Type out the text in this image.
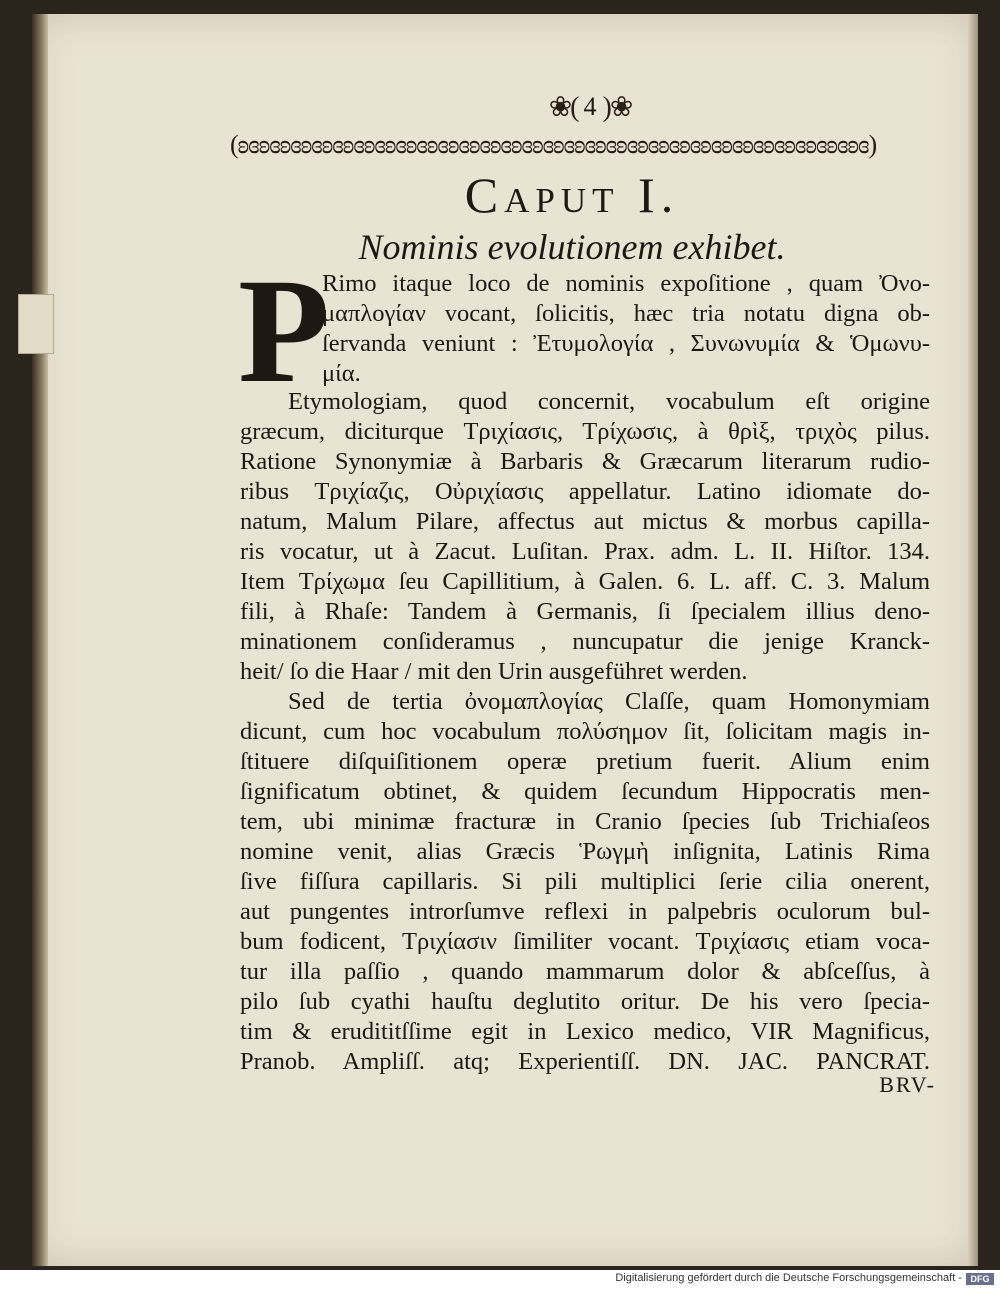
❀( 4 )❀
(ʚɞʚɞʚɞʚɞʚɞʚɞʚɞʚɞʚɞʚɞʚɞʚɞʚɞʚɞʚɞʚɞʚɞʚɞʚɞʚɞʚɞʚɞʚɞʚɞʚɞʚɞʚɞʚɞʚɞʚɞ)
Caput I.
Nominis evolutionem exhibet.
P
Rimo itaque loco de nominis expoſitione , quam Ὀνο-
μαπλογίαν vocant, ſolicitis, hæc tria notatu digna ob-
ſervanda veniunt : Ἐτυμολογία , Συνωνυμία & Ὁμωνυ-
μία.
Etymologiam, quod concernit, vocabulum eſt origine
græcum, diciturque Τριχίασις, Τρίχωσις, à θρὶξ, τριχὸς pilus.
Ratione Synonymiæ à Barbaris & Græcarum literarum rudio-
ribus Τριχίαζις, Οὐριχίασις appellatur. Latino idiomate do-
natum, Malum Pilare, affectus aut mictus & morbus capilla-
ris vocatur, ut à Zacut. Luſitan. Prax. adm. L. II. Hiſtor. 134.
Item Τρίχωμα ſeu Capillitium, à Galen. 6. L. aff. C. 3. Malum
fili, à Rhaſe: Tandem à Germanis, ſi ſpecialem illius deno-
minationem conſideramus , nuncupatur die jenige Kranck-
heit/ ſo die Haar / mit den Urin ausgeführet werden.
Sed de tertia ὀνομαπλογίας Claſſe, quam Homonymiam
dicunt, cum hoc vocabulum πολύσημον ſit, ſolicitam magis in-
ſtituere diſquiſitionem operæ pretium fuerit. Alium enim
ſignificatum obtinet, & quidem ſecundum Hippocratis men-
tem, ubi minimæ fracturæ in Cranio ſpecies ſub Trichiaſeos
nomine venit, alias Græcis Ῥωγμὴ inſignita, Latinis Rima
ſive fiſſura capillaris. Si pili multiplici ſerie cilia onerent,
aut pungentes introrſumve reflexi in palpebris oculorum bul-
bum fodicent, Τριχίασιν ſimiliter vocant. Τριχίασις etiam voca-
tur illa paſſio , quando mammarum dolor & abſceſſus, à
pilo ſub cyathi hauſtu deglutito oritur. De his vero ſpecia-
tim & erudititſſime egit in Lexico medico, VIR Magnificus,
Pranob. Ampliſſ. atq; Experientiſſ. DN. JAC. PANCRAT.
BRV-
Digitalisierung gefördert durch die Deutsche Forschungsgemeinschaft - DFG
